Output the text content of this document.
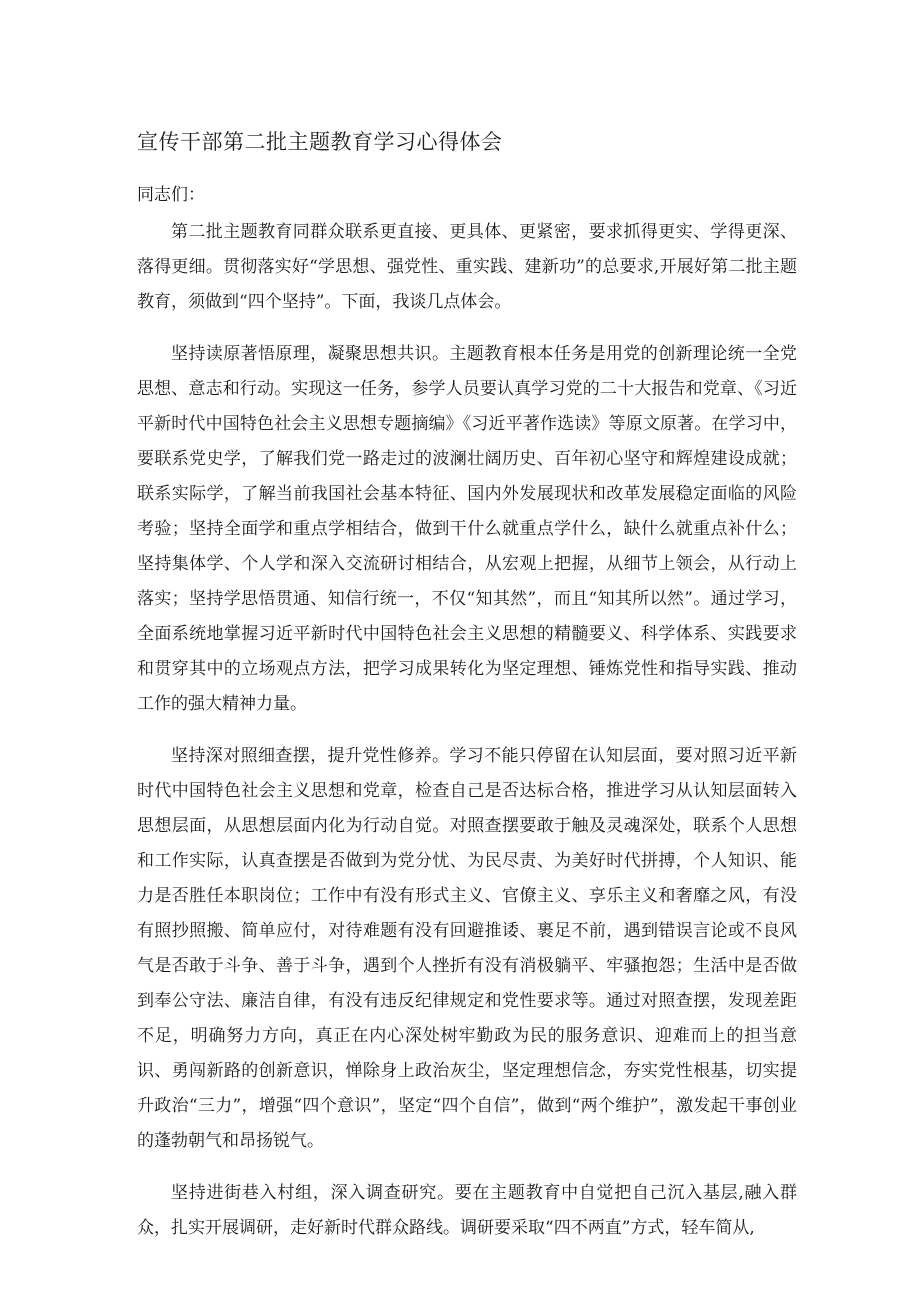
宣传干部第二批主题教育学习心得体会

同志们：

第二批主题教育同群众联系更直接、更具体、更紧密，要求抓得更实、学得更深、落得更细。贯彻落实好“学思想、强党性、重实践、建新功”的总要求,开展好第二批主题教育，须做到“四个坚持”。下面，我谈几点体会。

坚持读原著悟原理，凝聚思想共识。主题教育根本任务是用党的创新理论统一全党思想、意志和行动。实现这一任务，参学人员要认真学习党的二十大报告和党章、《习近平新时代中国特色社会主义思想专题摘编》《习近平著作选读》等原文原著。在学习中，要联系党史学，了解我们党一路走过的波澜壮阔历史、百年初心坚守和辉煌建设成就；联系实际学，了解当前我国社会基本特征、国内外发展现状和改革发展稳定面临的风险考验；坚持全面学和重点学相结合，做到干什么就重点学什么，缺什么就重点补什么；坚持集体学、个人学和深入交流研讨相结合，从宏观上把握，从细节上领会，从行动上落实；坚持学思悟贯通、知信行统一，不仅“知其然”，而且“知其所以然”。通过学习，全面系统地掌握习近平新时代中国特色社会主义思想的精髓要义、科学体系、实践要求和贯穿其中的立场观点方法，把学习成果转化为坚定理想、锤炼党性和指导实践、推动工作的强大精神力量。

坚持深对照细查摆，提升党性修养。学习不能只停留在认知层面，要对照习近平新时代中国特色社会主义思想和党章，检查自己是否达标合格，推进学习从认知层面转入思想层面，从思想层面内化为行动自觉。对照查摆要敢于触及灵魂深处，联系个人思想和工作实际，认真查摆是否做到为党分忧、为民尽责、为美好时代拼搏，个人知识、能力是否胜任本职岗位；工作中有没有形式主义、官僚主义、享乐主义和奢靡之风，有没有照抄照搬、简单应付，对待难题有没有回避推诿、裹足不前，遇到错误言论或不良风气是否敢于斗争、善于斗争，遇到个人挫折有没有消极躺平、牢骚抱怨；生活中是否做到奉公守法、廉洁自律，有没有违反纪律规定和党性要求等。通过对照查摆，发现差距不足，明确努力方向，真正在内心深处树牢勤政为民的服务意识、迎难而上的担当意识、勇闯新路的创新意识，惮除身上政治灰尘，坚定理想信念，夯实党性根基，切实提升政治“三力”，增强“四个意识”，坚定“四个自信”，做到“两个维护”，激发起干事创业的蓬勃朝气和昂扬锐气。

坚持进街巷入村组，深入调查研究。要在主题教育中自觉把自己沉入基层,融入群众，扎实开展调研，走好新时代群众路线。调研要采取“四不两直”方式，轻车简从,
